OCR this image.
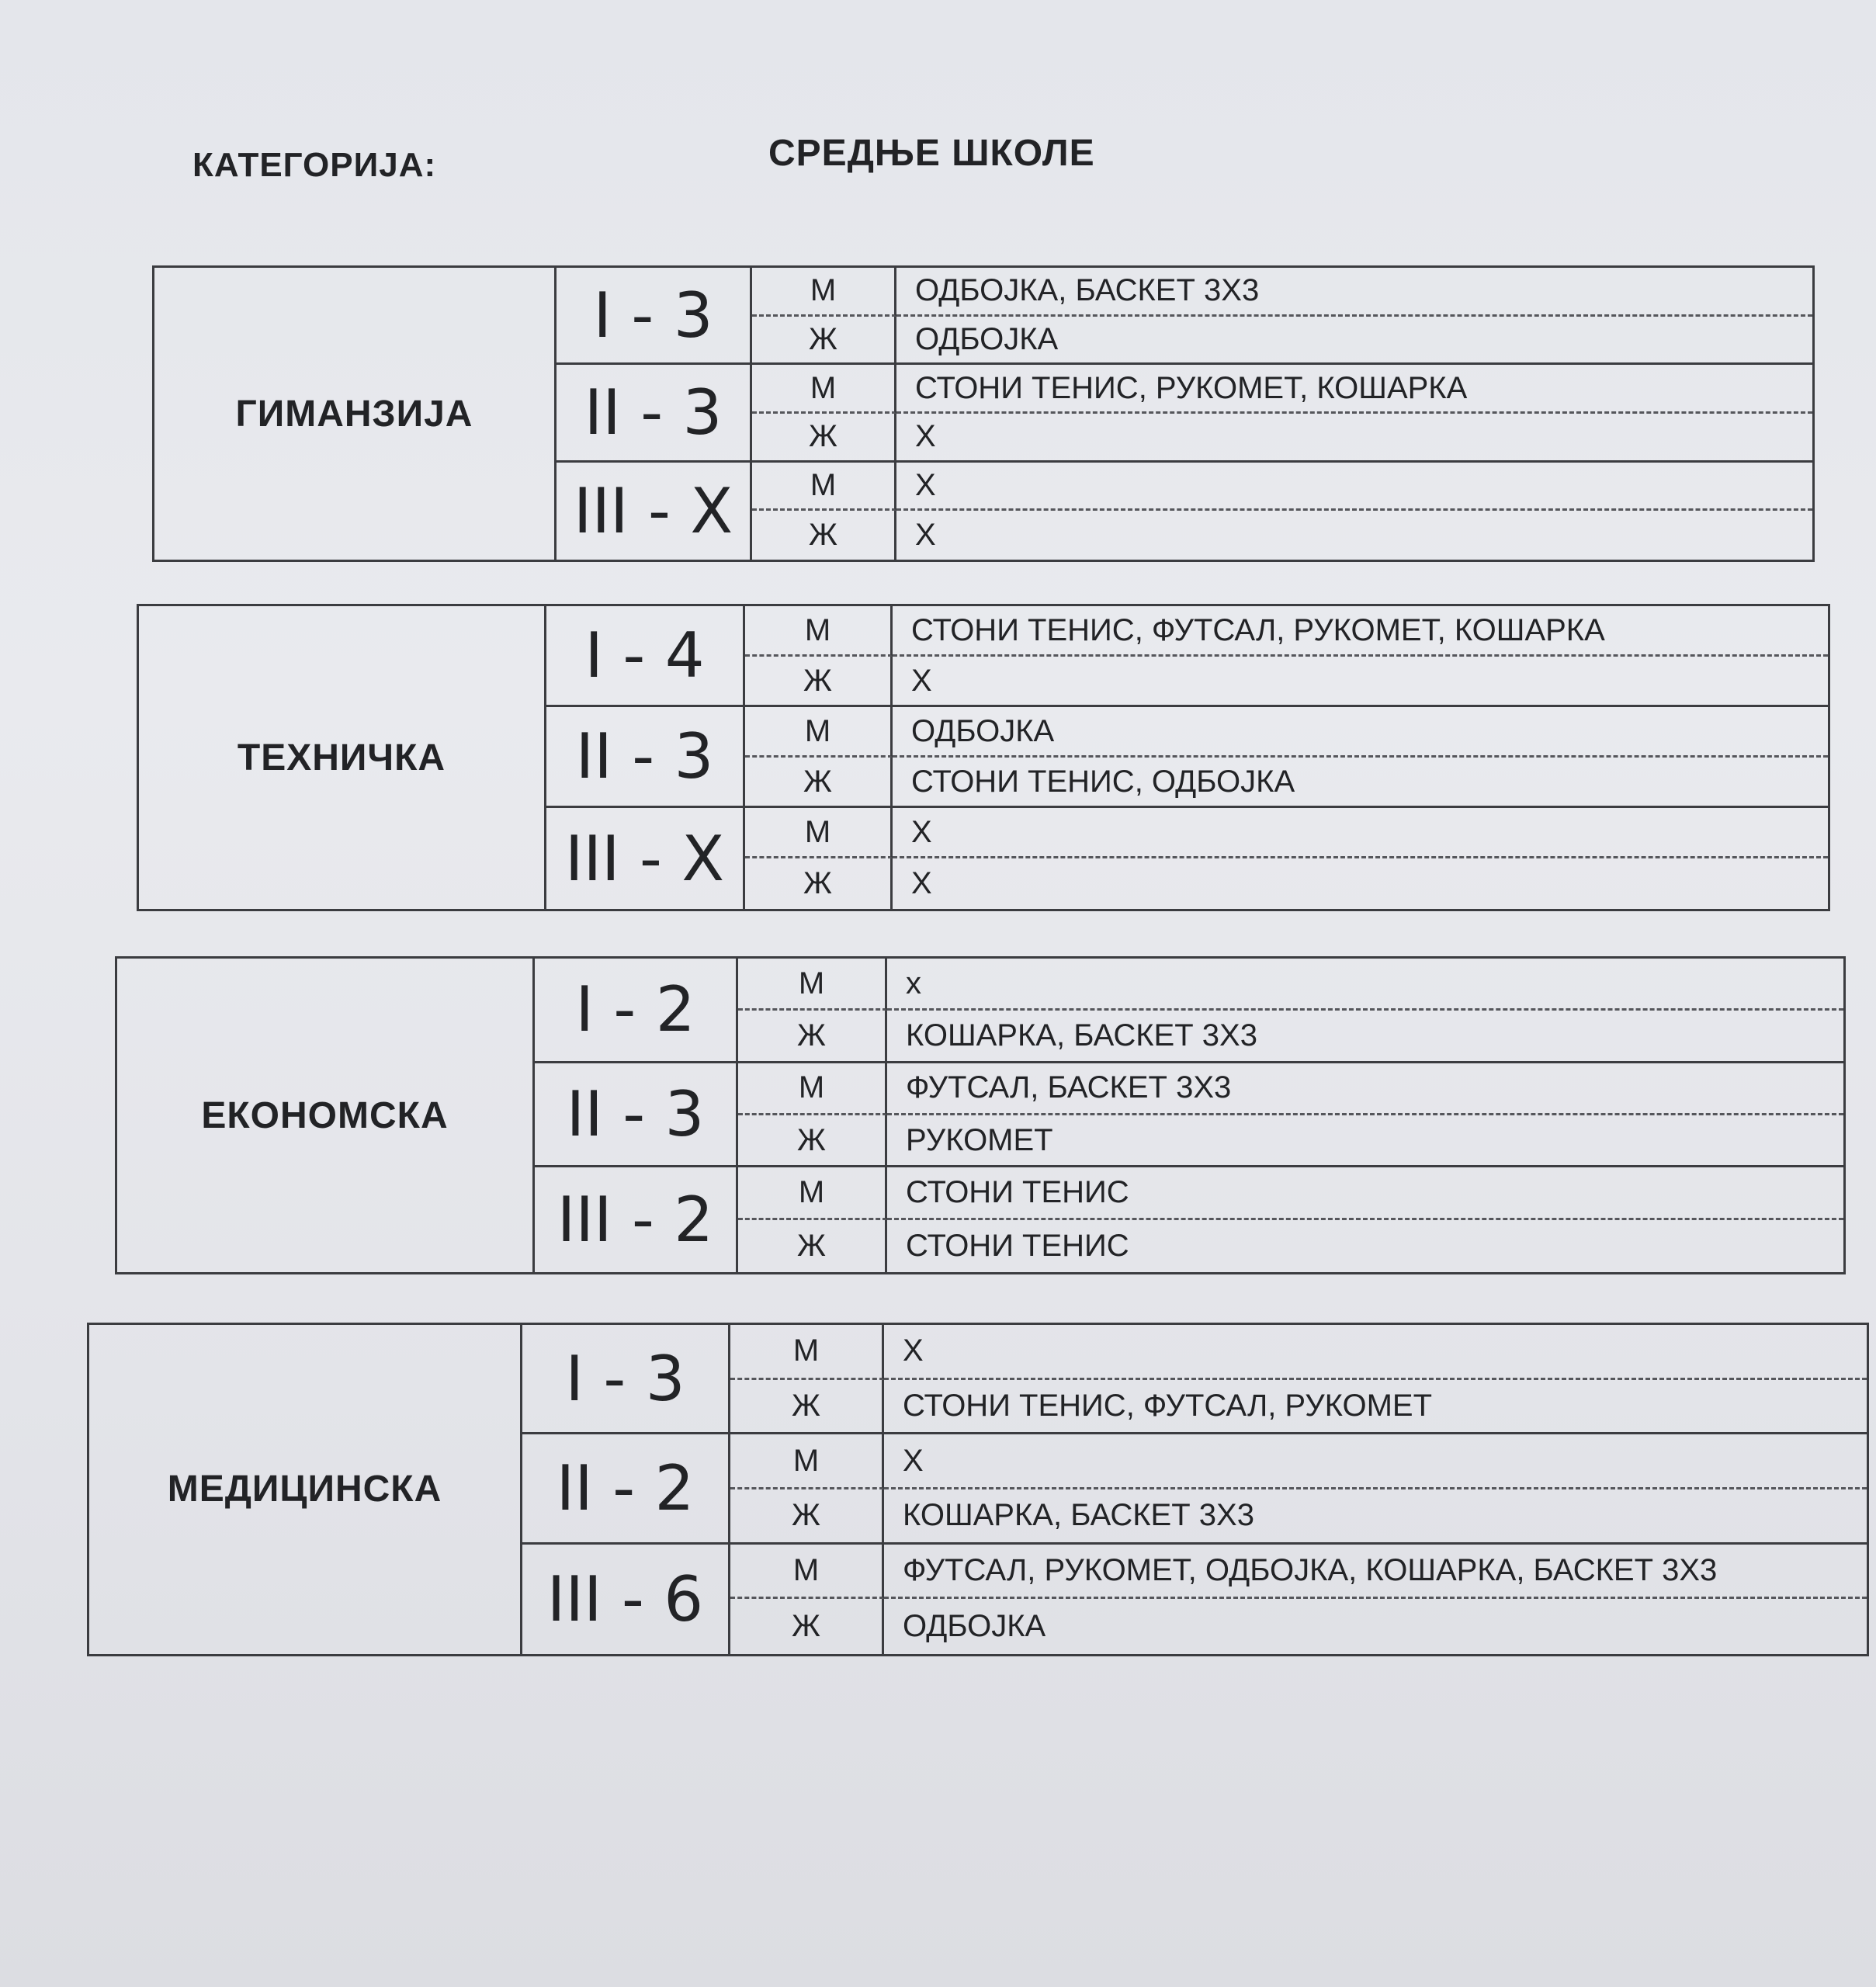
КАТЕГОРИЈА:	СРЕДЊЕ ШКОЛЕ
ГИМАНЗИЈА
I - 3	М	ОДБОЈКА, БАСКЕТ 3Х3
Ж	ОДБОЈКА
II - 3	М	СТОНИ ТЕНИС, РУКОМЕТ, КОШАРКА
Ж	Х
III - X	М	Х
Ж	Х
ТЕХНИЧКА
I - 4	М	СТОНИ ТЕНИС, ФУТСАЛ, РУКОМЕТ, КОШАРКА
Ж	Х
II - 3	М	ОДБОЈКА
Ж	СТОНИ ТЕНИС, ОДБОЈКА
III - X	М	Х
Ж	Х
ЕКОНОМСКА
I - 2	М	х
Ж	КОШАРКА, БАСКЕТ 3Х3
II - 3	М	ФУТСАЛ, БАСКЕТ 3Х3
Ж	РУКОМЕТ
III - 2	М	СТОНИ ТЕНИС
Ж	СТОНИ ТЕНИС
МЕДИЦИНСКА
I - 3	М	Х
Ж	СТОНИ ТЕНИС, ФУТСАЛ, РУКОМЕТ
II - 2	М	Х
Ж	КОШАРКА, БАСКЕТ 3Х3
III - 6	М	ФУТСАЛ, РУКОМЕТ, ОДБОЈКА, КОШАРКА, БАСКЕТ 3Х3
Ж	ОДБОЈКА
